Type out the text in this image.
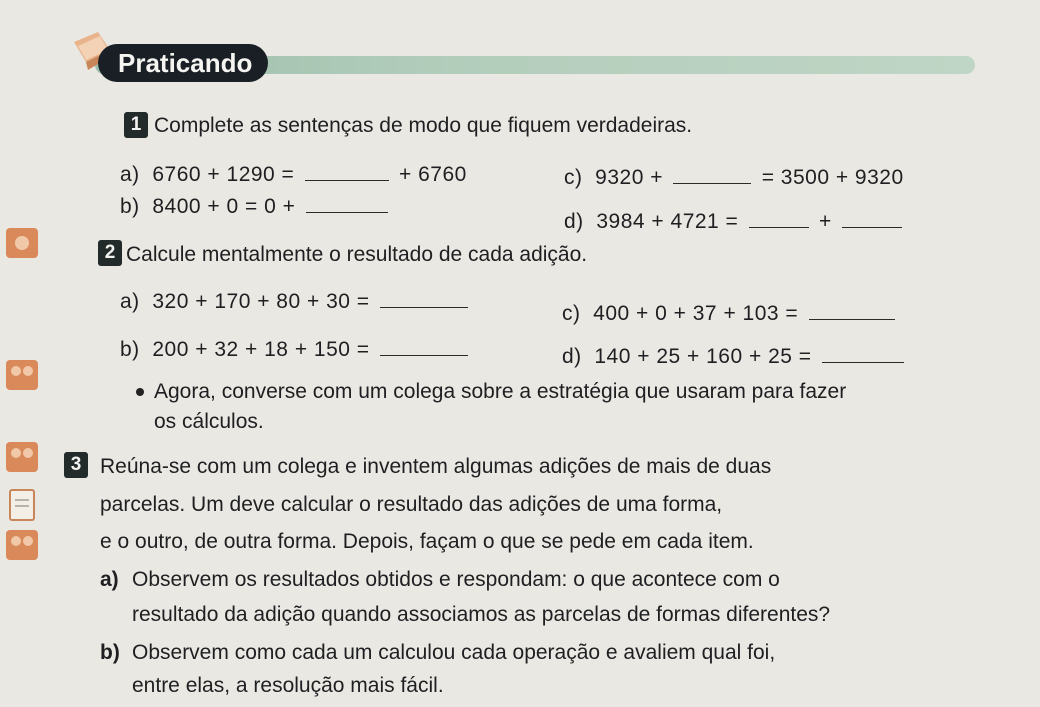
Praticando
1 Complete as sentenças de modo que fiquem verdadeiras.
a) 6760 + 1290 =	+ 6760	c) 9320 +	= 3500 + 9320
b) 8400 + 0 = 0 +
d) 3984 + 4721 =	+
2 Calcule mentalmente o resultado de cada adição.
a) 320 + 170 + 80 + 30 =
c) 400 + 0 + 37 + 103 =
b) 200 + 32 + 18 + 150 =	d) 140 + 25 + 160 + 25 =
Agora, converse com um colega sobre a estratégia que usaram para fazer
os cálculos.
3 Reúna-se com um colega e inventem algumas adições de mais de duas
parcelas. Um deve calcular o resultado das adições de uma forma,
e o outro, de outra forma. Depois, façam o que se pede em cada item.
a) Observem os resultados obtidos e respondam: o que acontece com o
resultado da adição quando associamos as parcelas de formas diferentes?
b) Observem como cada um calculou cada operação e avaliem qual foi,
entre elas, a resolução mais fácil.
